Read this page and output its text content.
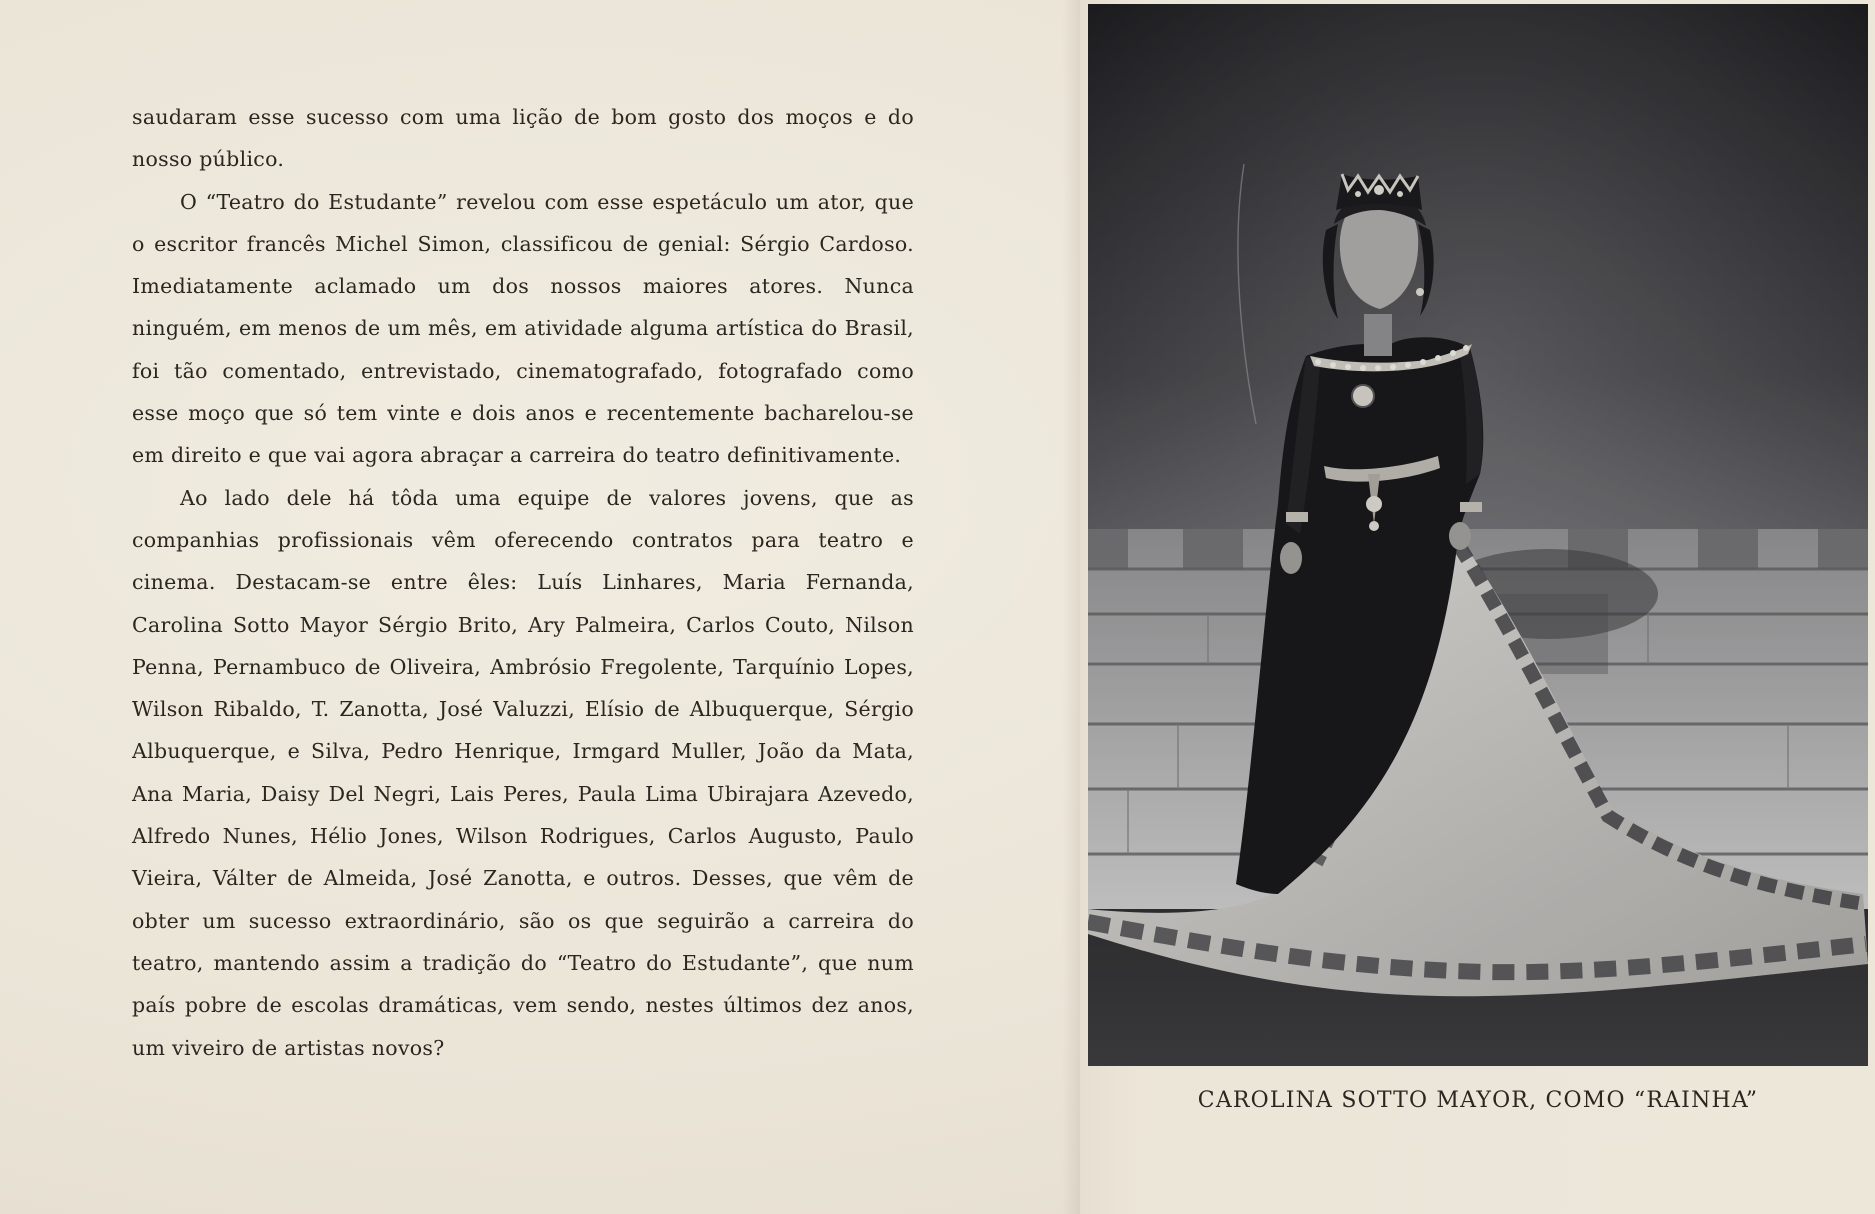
saudaram esse sucesso com uma lição de bom gosto dos moços e do nosso público.

O “Teatro do Estudante” revelou com esse espetáculo um ator, que o escritor francês Michel Simon, classificou de genial: Sérgio Cardoso. Imediatamente aclamado um dos nossos maiores atores. Nunca ninguém, em menos de um mês, em atividade alguma artística do Brasil, foi tão comentado, entrevistado, cinematografado, fotografado como esse moço que só tem vinte e dois anos e recentemente bacharelou-se em direito e que vai agora abraçar a carreira do teatro definitivamente.

Ao lado dele há tôda uma equipe de valores jovens, que as companhias profissionais vêm oferecendo contratos para teatro e cinema. Destacam-se entre êles: Luís Linhares, Maria Fernanda, Carolina Sotto Mayor Sérgio Brito, Ary Palmeira, Carlos Couto, Nilson Penna, Pernambuco de Oliveira, Ambrósio Fregolente, Tarquínio Lopes, Wilson Ribaldo, T. Zanotta, José Valuzzi, Elísio de Albuquerque, Sérgio Albuquerque, e Silva, Pedro Henrique, Irmgard Muller, João da Mata, Ana Maria, Daisy Del Negri, Lais Peres, Paula Lima Ubirajara Azevedo, Alfredo Nunes, Hélio Jones, Wilson Rodrigues, Carlos Augusto, Paulo Vieira, Válter de Almeida, José Zanotta, e outros. Desses, que vêm de obter um sucesso extraordinário, são os que seguirão a carreira do teatro, mantendo assim a tradição do “Teatro do Estudante”, que num país pobre de escolas dramáticas, vem sendo, nestes últimos dez anos, um viveiro de artistas novos?

CAROLINA SOTTO MAYOR, COMO “RAINHA”
